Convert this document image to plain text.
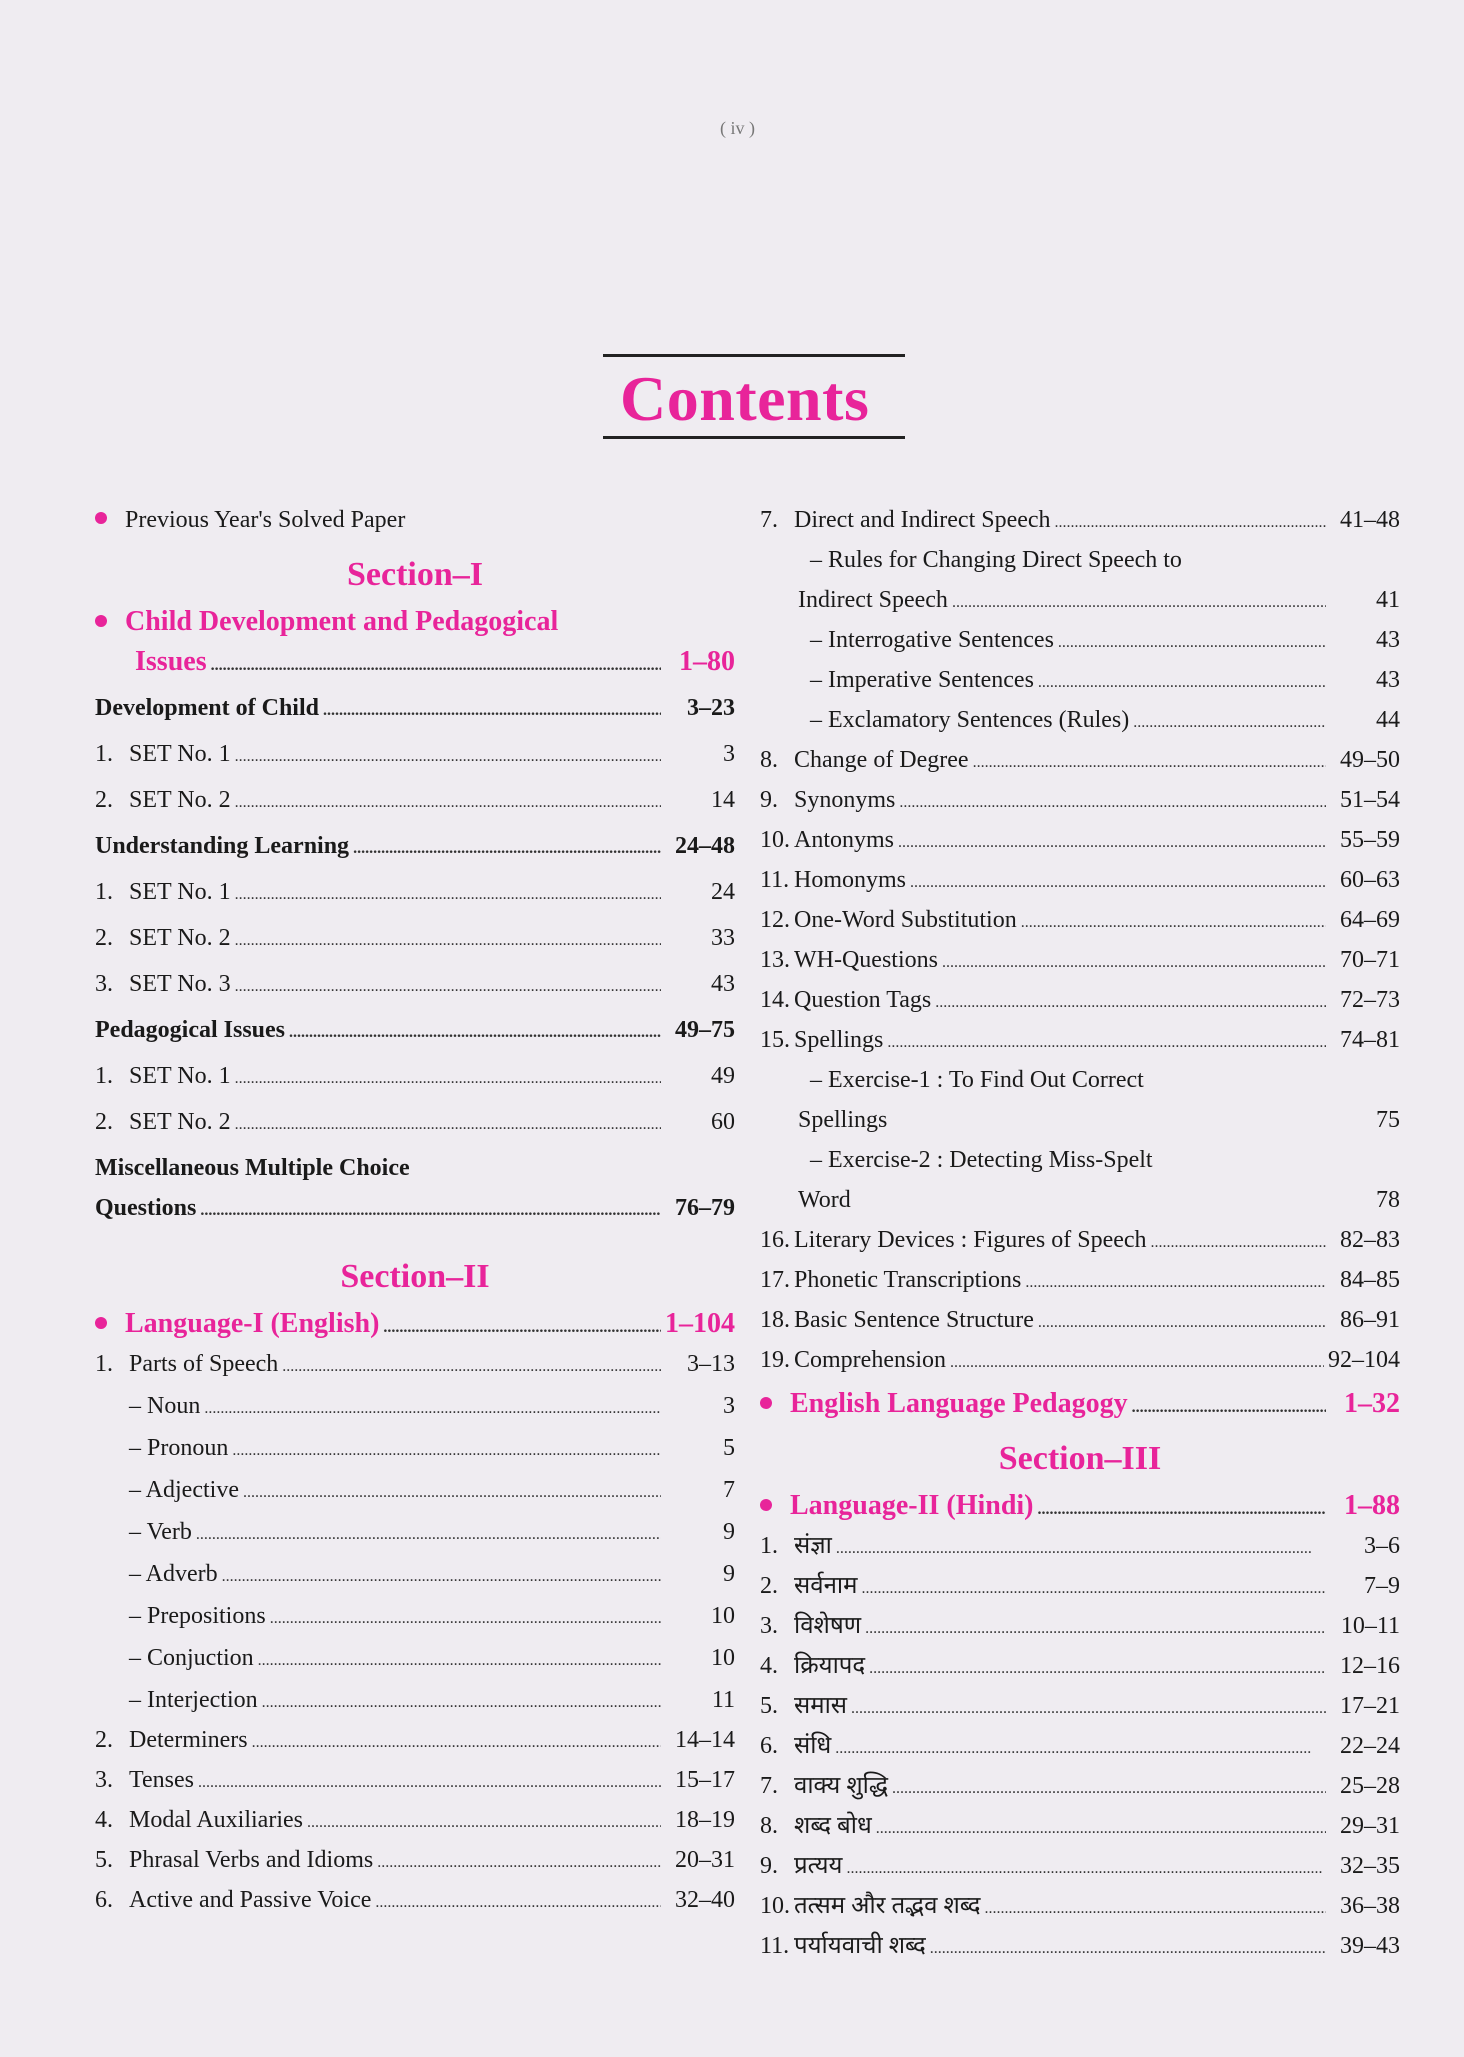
( iv )
Contents
Previous Year's Solved Paper
Section–I
Child Development and Pedagogical
Issues . . .	1–80
Development of Child . . .	3–23
1. SET No. 1 . . .	3
2. SET No. 2 . . .	14
Understanding Learning . . .	24–48
1. SET No. 1 . . .	24
2. SET No. 2 . . .	33
3. SET No. 3 . . .	43
Pedagogical Issues . . .	49–75
1. SET No. 1 . . .	49
2. SET No. 2 . . .	60
Miscellaneous Multiple Choice
Questions . . .	76–79
Section–II
Language-I (English) . . .	1–104
1. Parts of Speech . . .	3–13
– Noun . . .	3
– Pronoun . . .	5
– Adjective . . .	7
– Verb . . .	9
– Adverb . . .	9
– Prepositions . . .	10
– Conjuction . . .	10
– Interjection . . .	11
2. Determiners . . .	14–14
3. Tenses . . .	15–17
4. Modal Auxiliaries . . .	18–19
5. Phrasal Verbs and Idioms . . .	20–31
6. Active and Passive Voice . . .	32–40
7. Direct and Indirect Speech . . .	41–48
– Rules for Changing Direct Speech to
Indirect Speech . . .	41
– Interrogative Sentences . . .	43
– Imperative Sentences . . .	43
– Exclamatory Sentences (Rules) . . .	44
8. Change of Degree . . .	49–50
9. Synonyms . . .	51–54
10. Antonyms . . .	55–59
11. Homonyms . . .	60–63
12. One-Word Substitution . . .	64–69
13. WH-Questions . . .	70–71
14. Question Tags . . .	72–73
15. Spellings . . .	74–81
– Exercise-1 : To Find Out Correct
Spellings	75
– Exercise-2 : Detecting Miss-Spelt
Word	78
16. Literary Devices : Figures of Speech . . .	82–83
17. Phonetic Transcriptions . . .	84–85
18. Basic Sentence Structure . . .	86–91
19. Comprehension . . .	92–104
English Language Pedagogy . . .	1–32
Section–III
Language-II (Hindi) . . .	1–88
1. संज्ञा . . .	3–6
2. सर्वनाम . . .	7–9
3. विशेषण . . .	10–11
4. क्रियापद . . .	12–16
5. समास . . .	17–21
6. संधि . . .	22–24
7. वाक्य शुद्धि . . .	25–28
8. शब्द बोध . . .	29–31
9. प्रत्यय . . .	32–35
10. तत्सम और तद्भव शब्द . . .	36–38
11. पर्यायवाची शब्द . . .	39–43
